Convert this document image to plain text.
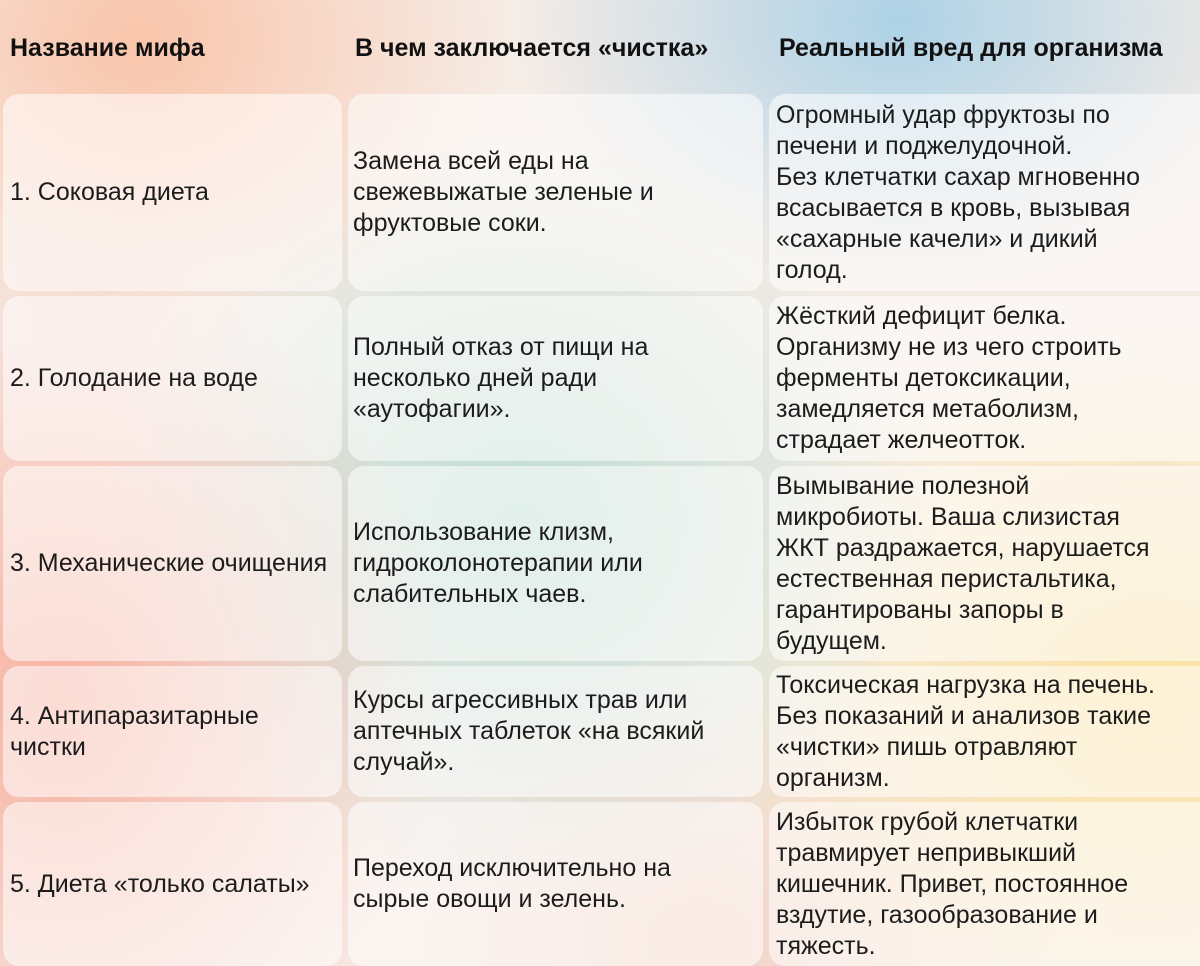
Название мифа	В чем заключается «чистка»	Реальный вред для организма
1. Соковая диета
Замена всей еды на
свежевыжатые зеленые и
фруктовые соки.
Огромный удар фруктозы по
печени и поджелудочной.
Без клетчатки сахар мгновенно
всасывается в кровь, вызывая
«сахарные качели» и дикий
голод.
2. Голодание на воде
Полный отказ от пищи на
несколько дней ради
«аутофагии».
Жёсткий дефицит белка.
Организму не из чего строить
ферменты детоксикации,
замедляется метаболизм,
страдает желчеотток.
3. Механические очищения
Использование клизм,
гидроколонотерапии или
слабительных чаев.
Вымывание полезной
микробиоты. Ваша слизистая
ЖКТ раздражается, нарушается
естественная перистальтика,
гарантированы запоры в
будущем.
4. Антипаразитарные
чистки
Курсы агрессивных трав или
аптечных таблеток «на всякий
случай».
Токсическая нагрузка на печень.
Без показаний и анализов такие
«чистки» пишь отравляют
организм.
5. Диета «только салаты»
Переход исключительно на
сырые овощи и зелень.
Избыток грубой клетчатки
травмирует непривыкший
кишечник. Привет, постоянное
вздутие, газообразование и
тяжесть.
